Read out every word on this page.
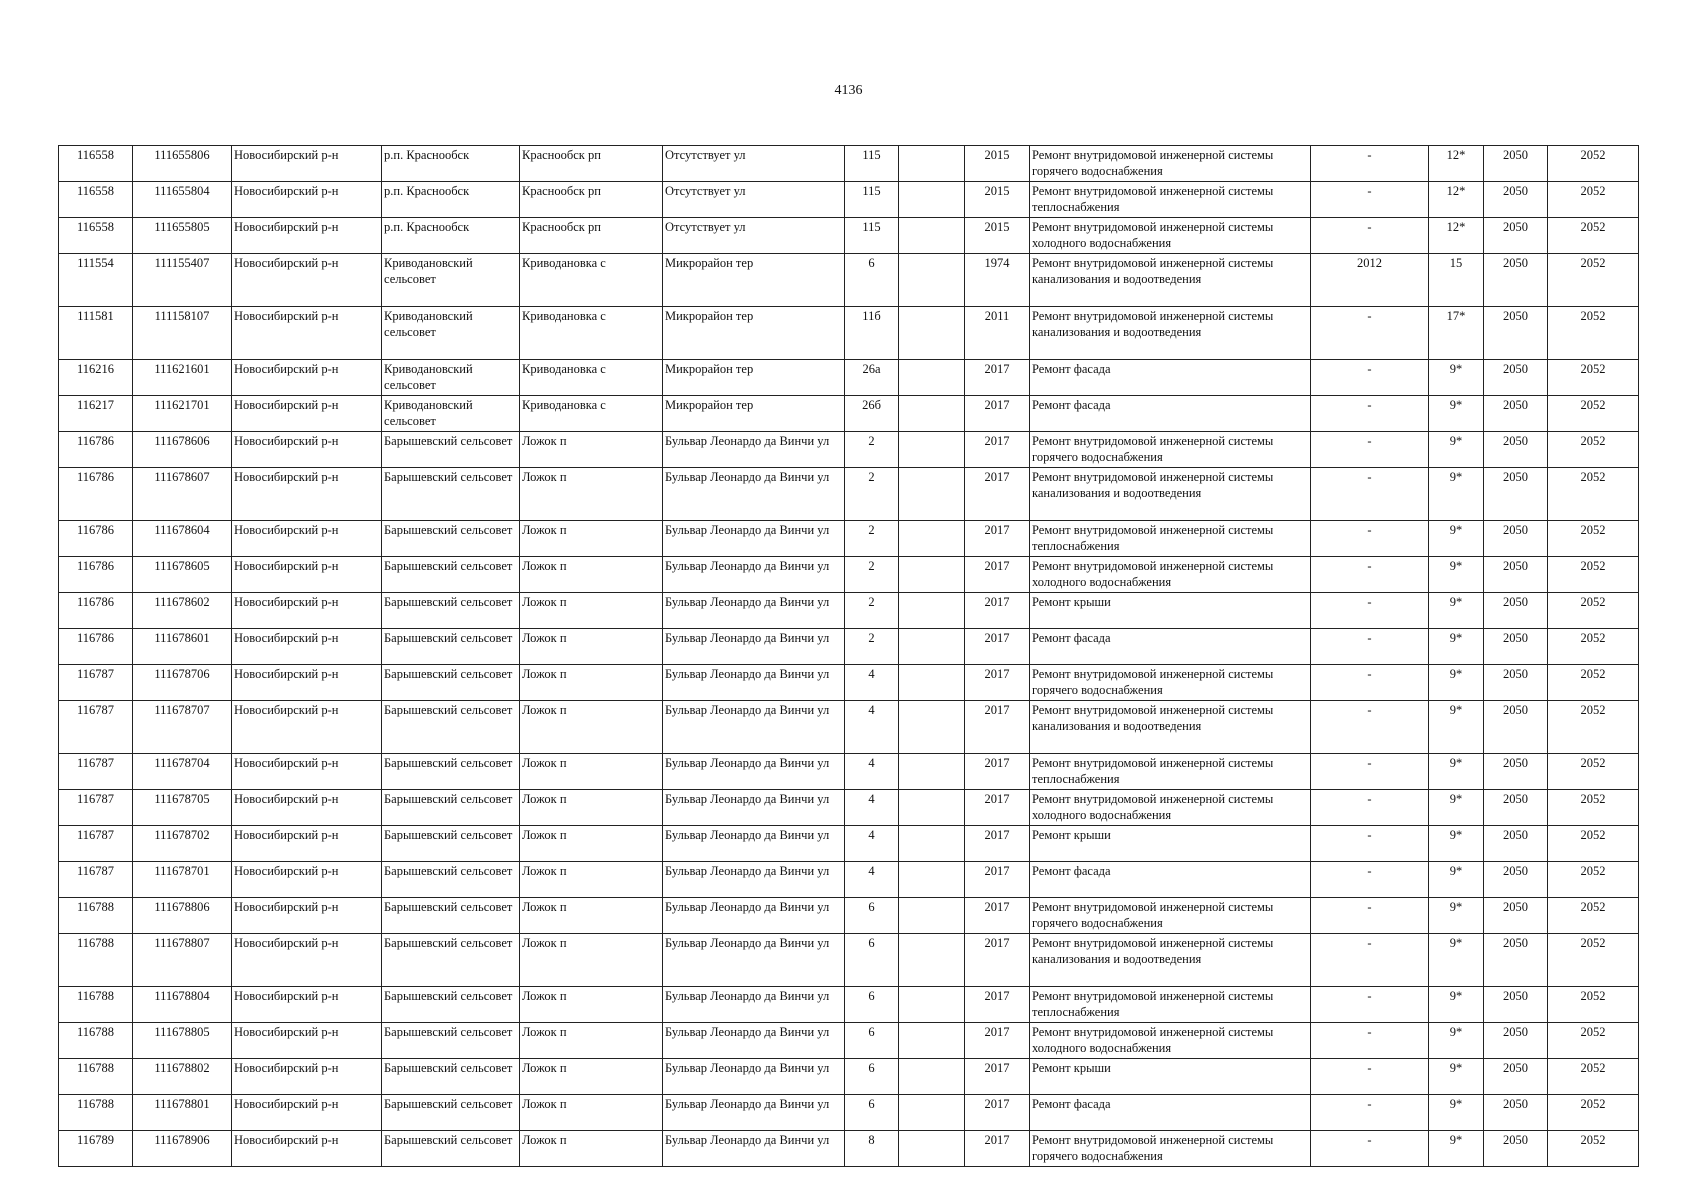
4136
116558	111655806	Новосибирский р-н	р.п. Краснообск	Краснообск рп	Отсутствует ул	115		2015	Ремонт внутридомовой инженерной системы горячего водоснабжения	-	12*	2050	2052
116558	111655804	Новосибирский р-н	р.п. Краснообск	Краснообск рп	Отсутствует ул	115		2015	Ремонт внутридомовой инженерной системы теплоснабжения	-	12*	2050	2052
116558	111655805	Новосибирский р-н	р.п. Краснообск	Краснообск рп	Отсутствует ул	115		2015	Ремонт внутридомовой инженерной системы холодного водоснабжения	-	12*	2050	2052
111554	111155407	Новосибирский р-н	Криводановский сельсовет	Криводановка с	Микрорайон тер	6		1974	Ремонт внутридомовой инженерной системы канализования и водоотведения	2012	15	2050	2052
111581	111158107	Новосибирский р-н	Криводановский сельсовет	Криводановка с	Микрорайон тер	11б		2011	Ремонт внутридомовой инженерной системы канализования и водоотведения	-	17*	2050	2052
116216	111621601	Новосибирский р-н	Криводановский сельсовет	Криводановка с	Микрорайон тер	26а		2017	Ремонт фасада	-	9*	2050	2052
116217	111621701	Новосибирский р-н	Криводановский сельсовет	Криводановка с	Микрорайон тер	26б		2017	Ремонт фасада	-	9*	2050	2052
116786	111678606	Новосибирский р-н	Барышевский сельсовет	Ложок п	Бульвар Леонардо да Винчи ул	2		2017	Ремонт внутридомовой инженерной системы горячего водоснабжения	-	9*	2050	2052
116786	111678607	Новосибирский р-н	Барышевский сельсовет	Ложок п	Бульвар Леонардо да Винчи ул	2		2017	Ремонт внутридомовой инженерной системы канализования и водоотведения	-	9*	2050	2052
116786	111678604	Новосибирский р-н	Барышевский сельсовет	Ложок п	Бульвар Леонардо да Винчи ул	2		2017	Ремонт внутридомовой инженерной системы теплоснабжения	-	9*	2050	2052
116786	111678605	Новосибирский р-н	Барышевский сельсовет	Ложок п	Бульвар Леонардо да Винчи ул	2		2017	Ремонт внутридомовой инженерной системы холодного водоснабжения	-	9*	2050	2052
116786	111678602	Новосибирский р-н	Барышевский сельсовет	Ложок п	Бульвар Леонардо да Винчи ул	2		2017	Ремонт крыши	-	9*	2050	2052
116786	111678601	Новосибирский р-н	Барышевский сельсовет	Ложок п	Бульвар Леонардо да Винчи ул	2		2017	Ремонт фасада	-	9*	2050	2052
116787	111678706	Новосибирский р-н	Барышевский сельсовет	Ложок п	Бульвар Леонардо да Винчи ул	4		2017	Ремонт внутридомовой инженерной системы горячего водоснабжения	-	9*	2050	2052
116787	111678707	Новосибирский р-н	Барышевский сельсовет	Ложок п	Бульвар Леонардо да Винчи ул	4		2017	Ремонт внутридомовой инженерной системы канализования и водоотведения	-	9*	2050	2052
116787	111678704	Новосибирский р-н	Барышевский сельсовет	Ложок п	Бульвар Леонардо да Винчи ул	4		2017	Ремонт внутридомовой инженерной системы теплоснабжения	-	9*	2050	2052
116787	111678705	Новосибирский р-н	Барышевский сельсовет	Ложок п	Бульвар Леонардо да Винчи ул	4		2017	Ремонт внутридомовой инженерной системы холодного водоснабжения	-	9*	2050	2052
116787	111678702	Новосибирский р-н	Барышевский сельсовет	Ложок п	Бульвар Леонардо да Винчи ул	4		2017	Ремонт крыши	-	9*	2050	2052
116787	111678701	Новосибирский р-н	Барышевский сельсовет	Ложок п	Бульвар Леонардо да Винчи ул	4		2017	Ремонт фасада	-	9*	2050	2052
116788	111678806	Новосибирский р-н	Барышевский сельсовет	Ложок п	Бульвар Леонардо да Винчи ул	6		2017	Ремонт внутридомовой инженерной системы горячего водоснабжения	-	9*	2050	2052
116788	111678807	Новосибирский р-н	Барышевский сельсовет	Ложок п	Бульвар Леонардо да Винчи ул	6		2017	Ремонт внутридомовой инженерной системы канализования и водоотведения	-	9*	2050	2052
116788	111678804	Новосибирский р-н	Барышевский сельсовет	Ложок п	Бульвар Леонардо да Винчи ул	6		2017	Ремонт внутридомовой инженерной системы теплоснабжения	-	9*	2050	2052
116788	111678805	Новосибирский р-н	Барышевский сельсовет	Ложок п	Бульвар Леонардо да Винчи ул	6		2017	Ремонт внутридомовой инженерной системы холодного водоснабжения	-	9*	2050	2052
116788	111678802	Новосибирский р-н	Барышевский сельсовет	Ложок п	Бульвар Леонардо да Винчи ул	6		2017	Ремонт крыши	-	9*	2050	2052
116788	111678801	Новосибирский р-н	Барышевский сельсовет	Ложок п	Бульвар Леонардо да Винчи ул	6		2017	Ремонт фасада	-	9*	2050	2052
116789	111678906	Новосибирский р-н	Барышевский сельсовет	Ложок п	Бульвар Леонардо да Винчи ул	8		2017	Ремонт внутридомовой инженерной системы горячего водоснабжения	-	9*	2050	2052
